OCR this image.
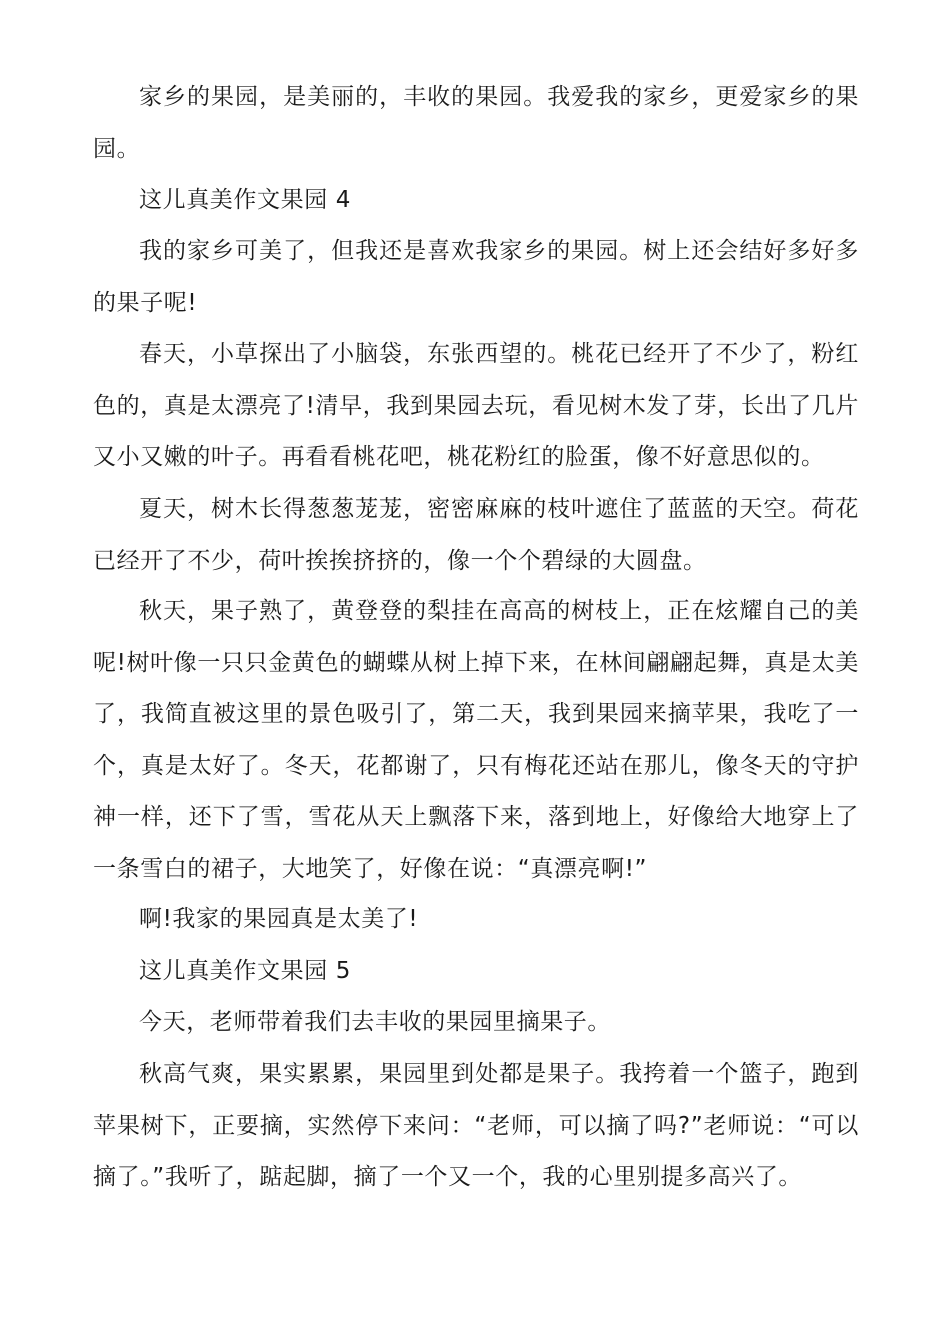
家乡的果园，是美丽的，丰收的果园。我爱我的家乡，更爱家乡的果园。

这儿真美作文果园 4

我的家乡可美了，但我还是喜欢我家乡的果园。树上还会结好多好多的果子呢!

春天，小草探出了小脑袋，东张西望的。桃花已经开了不少了，粉红色的，真是太漂亮了!清早，我到果园去玩，看见树木发了芽，长出了几片又小又嫩的叶子。再看看桃花吧，桃花粉红的脸蛋，像不好意思似的。

夏天，树木长得葱葱茏茏，密密麻麻的枝叶遮住了蓝蓝的天空。荷花已经开了不少，荷叶挨挨挤挤的，像一个个碧绿的大圆盘。

秋天，果子熟了，黄登登的梨挂在高高的树枝上，正在炫耀自己的美呢!树叶像一只只金黄色的蝴蝶从树上掉下来，在林间翩翩起舞，真是太美了，我简直被这里的景色吸引了，第二天，我到果园来摘苹果，我吃了一个，真是太好了。冬天，花都谢了，只有梅花还站在那儿，像冬天的守护神一样，还下了雪，雪花从天上飘落下来，落到地上，好像给大地穿上了一条雪白的裙子，大地笑了，好像在说：“真漂亮啊!”

啊!我家的果园真是太美了!

这儿真美作文果园 5

今天，老师带着我们去丰收的果园里摘果子。

秋高气爽，果实累累，果园里到处都是果子。我挎着一个篮子，跑到苹果树下，正要摘，实然停下来问：“老师，可以摘了吗?”老师说：“可以摘了。”我听了，踮起脚，摘了一个又一个，我的心里别提多高兴了。
